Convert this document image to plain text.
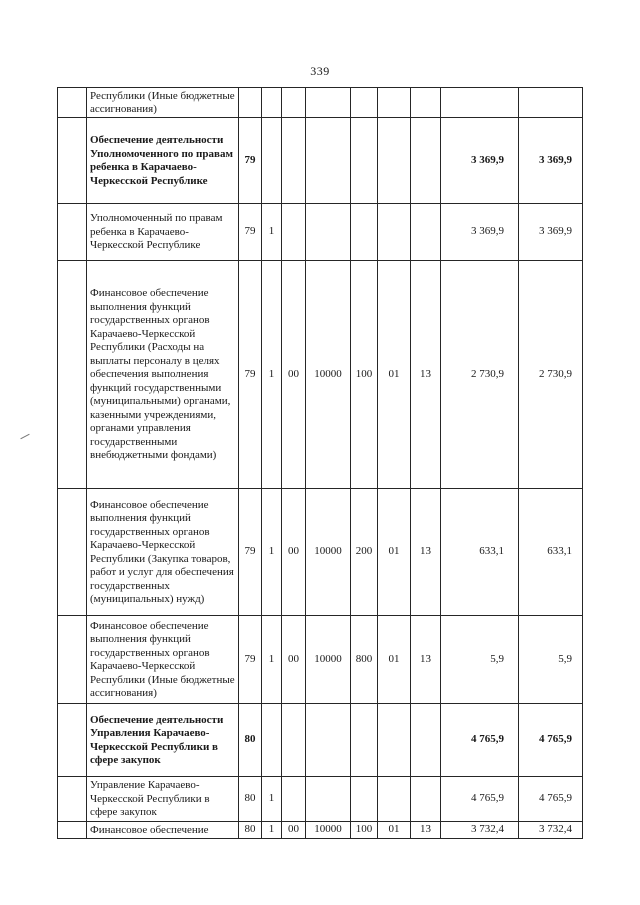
339
	Республики (Иные бюджетные ассигнования)									
	Обеспечение деятельности Уполномоченного по правам ребенка в Карачаево-Черкесской Республике	79							3 369,9	3 369,9
	Уполномоченный по правам ребенка в Карачаево-Черкесской Республике	79	1						3 369,9	3 369,9
	Финансовое обеспечение выполнения функций государственных органов Карачаево-Черкесской Республики (Расходы на выплаты персоналу в целях обеспечения выполнения функций государственными (муниципальными) органами, казенными учреждениями, органами управления государственными внебюджетными фондами)	79	1	00	10000	100	01	13	2 730,9	2 730,9
	Финансовое обеспечение выполнения функций государственных органов Карачаево-Черкесской Республики (Закупка товаров, работ и услуг для обеспечения государственных (муниципальных) нужд)	79	1	00	10000	200	01	13	633,1	633,1
	Финансовое обеспечение выполнения функций государственных органов Карачаево-Черкесской Республики (Иные бюджетные ассигнования)	79	1	00	10000	800	01	13	5,9	5,9
	Обеспечение деятельности Управления Карачаево-Черкесской Республики в сфере закупок	80							4 765,9	4 765,9
	Управление Карачаево-Черкесской Республики в сфере закупок	80	1						4 765,9	4 765,9
	Финансовое обеспечение	80	1	00	10000	100	01	13	3 732,4	3 732,4
